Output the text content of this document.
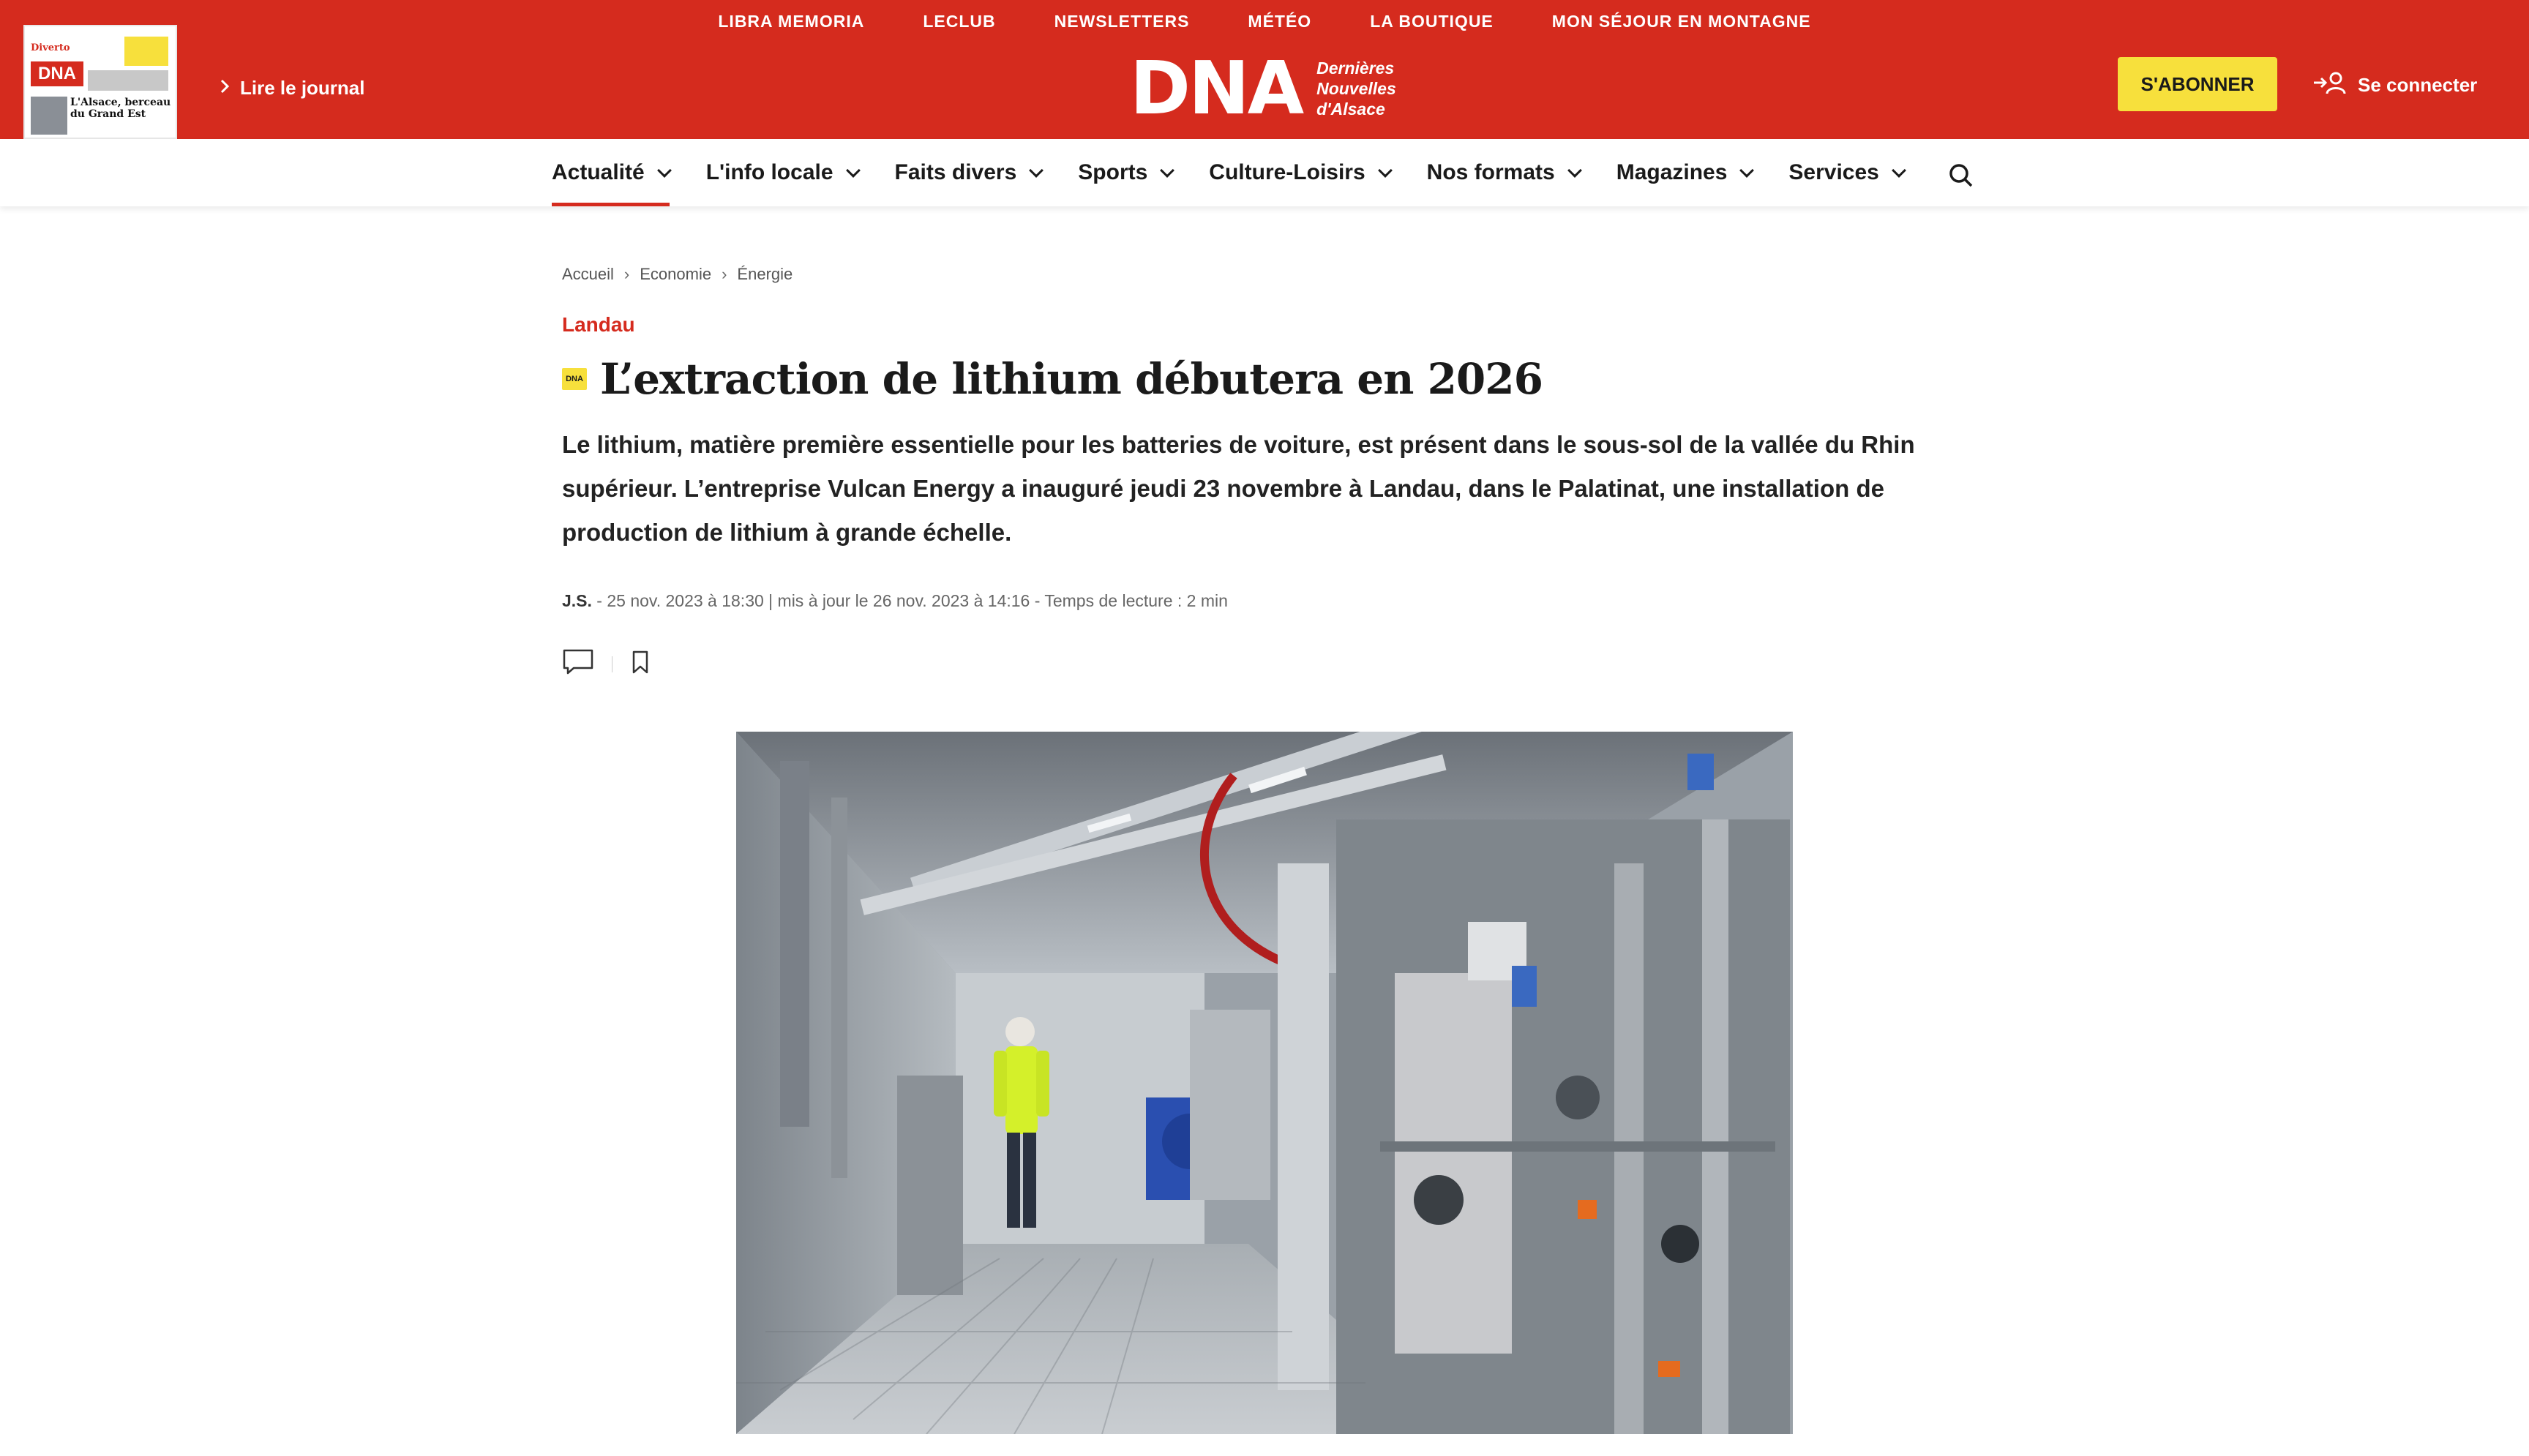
LIBRA MEMORIA	LECLUB	NEWSLETTERS	MÉTÉO	LA BOUTIQUE	MON SÉJOUR EN MONTAGNE
Diverto
DNA
L'Alsace, berceau du Grand Est
Lire le journal	DNA Dernières
Nouvelles
d'Alsace
S'ABONNER	Se connecter
Actualité	L'info locale	Faits divers	Sports	Culture-Loisirs	Nos formats	Magazines	Services
Accueil › Economie › Énergie
Landau
DNA L’extraction de lithium débutera en 2026

Le lithium, matière première essentielle pour les batteries de voiture, est présent dans le sous-sol de la vallée du Rhin supérieur. L’entreprise Vulcan Energy a inauguré jeudi 23 novembre à Landau, dans le Palatinat, une installation de production de lithium à grande échelle.

J.S. - 25 nov. 2023 à 18:30 | mis à jour le 26 nov. 2023 à 14:16 - Temps de lecture : 2 min
